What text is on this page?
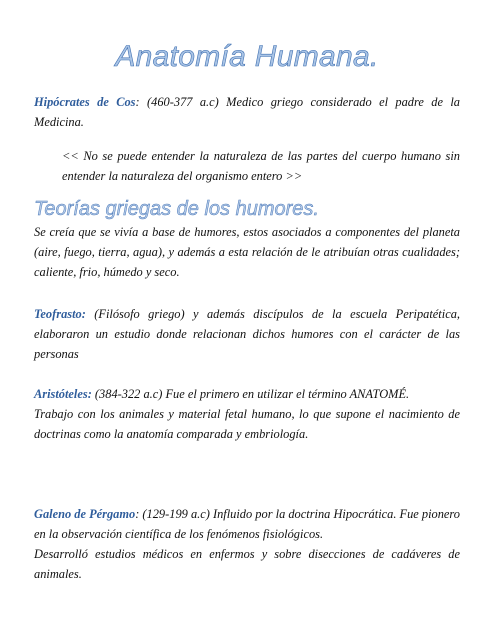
Anatomía Humana.
Hipócrates de Cos: (460-377 a.c) Medico griego considerado el padre de la Medicina.
<< No se puede entender la naturaleza de las partes del cuerpo humano sin entender la naturaleza del organismo entero >>
Teorías griegas de los humores.
Se creía que se vivía a base de humores, estos asociados a componentes del planeta (aire, fuego, tierra, agua), y además a esta relación de le atribuían otras cualidades; caliente, frio, húmedo y seco.
Teofrasto: (Filósofo griego) y además discípulos de la escuela Peripatética, elaboraron un estudio donde relacionan dichos humores con el carácter de las personas
Aristóteles: (384-322 a.c) Fue el primero en utilizar el término ANATOMÉ.
Trabajo con los animales y material fetal humano, lo que supone el nacimiento de doctrinas como la anatomía comparada y embriología.
Galeno de Pérgamo: (129-199 a.c) Influido por la doctrina Hipocrática. Fue pionero en la observación científica de los fenómenos fisiológicos.
Desarrolló estudios médicos en enfermos y sobre disecciones de cadáveres de animales.
